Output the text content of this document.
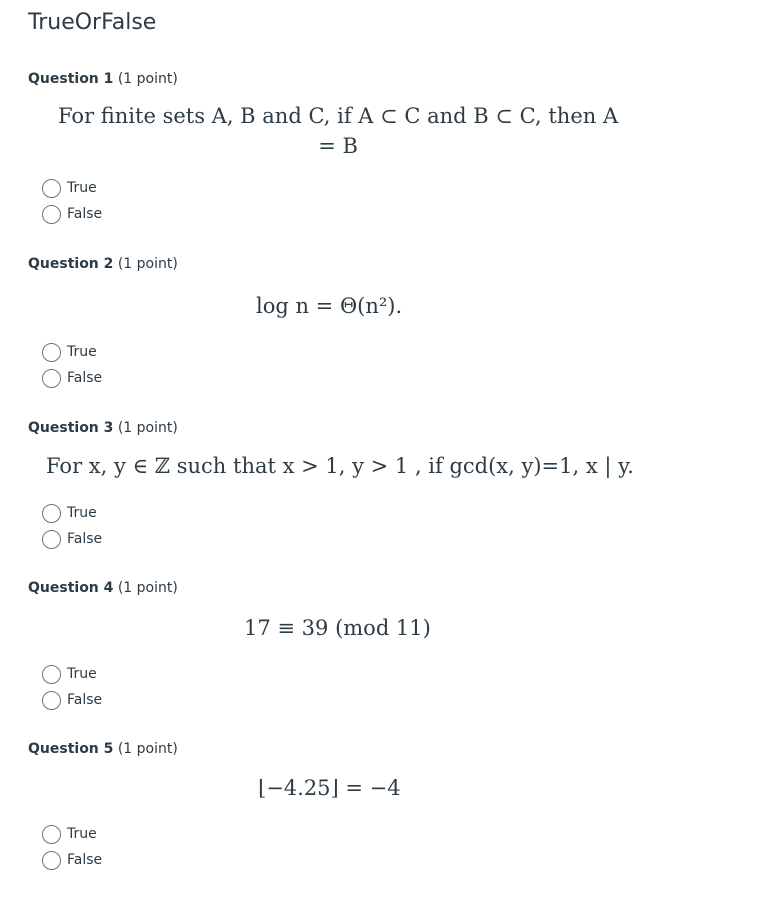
TrueOrFalse
Question 1 (1 point)
For finite sets A, B and C, if A ⊂ C and B ⊂ C, then A
= B
True
False
Question 2 (1 point)
log n = Θ(n²).
True
False
Question 3 (1 point)
For x, y ∈ ℤ such that x > 1, y > 1 , if gcd(x, y)=1, x | y.
True
False
Question 4 (1 point)
17 ≡ 39 (mod 11)
True
False
Question 5 (1 point)
⌊−4.25⌋ = −4
True
False
